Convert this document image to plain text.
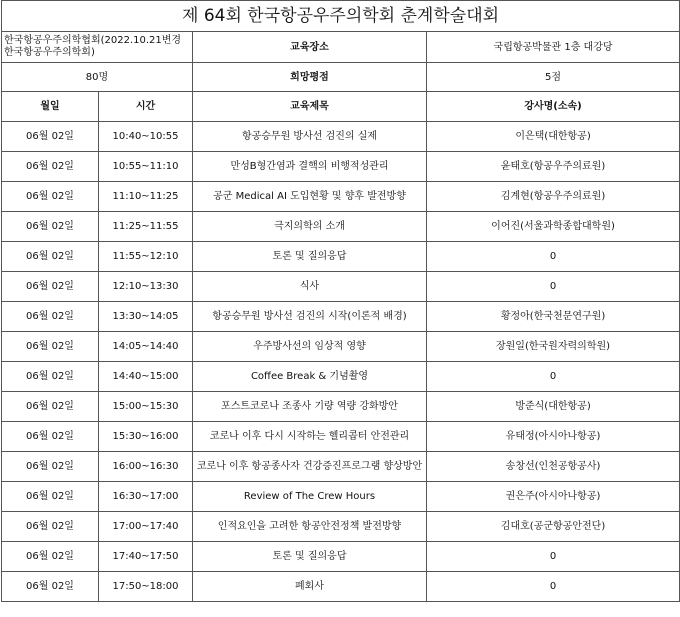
제 64회 한국항공우주의학회 춘계학술대회			
한국항공우주의학협회(2022.10.21변경 한국항공우주의학회)		교육장소	국립항공박물관 1층 대강당
80명		희망평점	5점
월일	시간	교육제목	강사명(소속)
06월 02일	10:40~10:55	항공승무원 방사선 검진의 실제	이은택(대한항공)
06월 02일	10:55~11:10	만성B형간염과 결핵의 비행적성관리	윤태호(항공우주의료원)
06월 02일	11:10~11:25	공군 Medical AI 도입현황 및 향후 발전방향	김계현(항공우주의료원)
06월 02일	11:25~11:55	극지의학의 소개	이어진(서울과학종합대학원)
06월 02일	11:55~12:10	토론 및 질의응답	0
06월 02일	12:10~13:30	식사	0
06월 02일	13:30~14:05	항공승무원 방사선 검진의 시작(이론적 배경)	황정아(한국천문연구원)
06월 02일	14:05~14:40	우주방사선의 임상적 영향	장원일(한국원자력의학원)
06월 02일	14:40~15:00	Coffee Break & 기념촬영	0
06월 02일	15:00~15:30	포스트코로나 조종사 기량 역량 강화방안	방준식(대한항공)
06월 02일	15:30~16:00	코로나 이후 다시 시작하는 헬리콥터 안전관리	유태정(아시아나항공)
06월 02일	16:00~16:30	코로나 이후 항공종사자 건강증진프로그램 향상방안	송창선(인천공항공사)
06월 02일	16:30~17:00	Review of The Crew Hours	권은주(아시아나항공)
06월 02일	17:00~17:40	인적요인을 고려한 항공안전정책 발전방향	김대호(공군항공안전단)
06월 02일	17:40~17:50	토론 및 질의응답	0
06월 02일	17:50~18:00	폐회사	0
